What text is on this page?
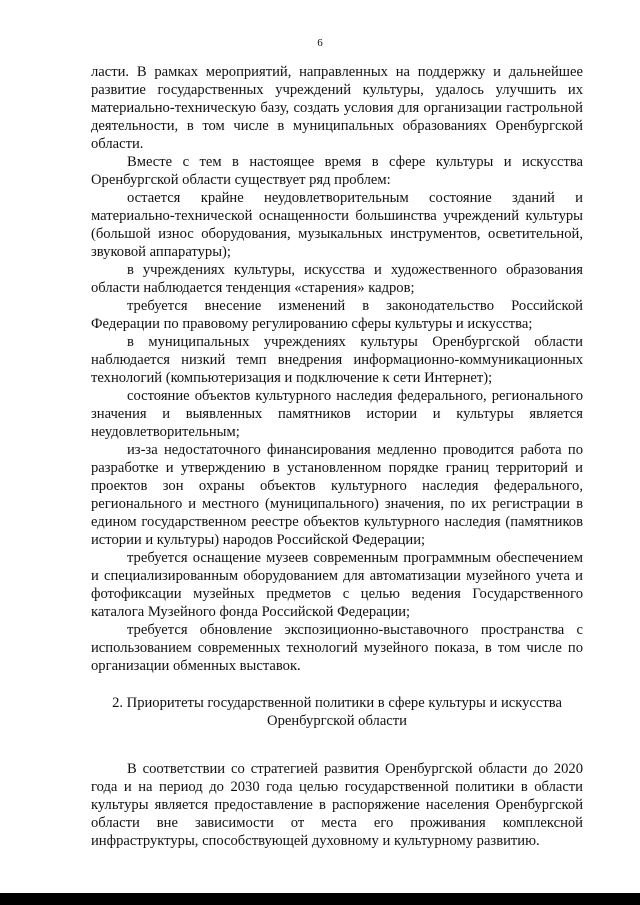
6

ласти. В рамках мероприятий, направленных на поддержку и дальнейшее развитие государственных учреждений культуры, удалось улучшить их материально-техническую базу, создать условия для организации гастрольной деятельности, в том числе в муниципальных образованиях Оренбургской области.

Вместе с тем в настоящее время в сфере культуры и искусства Оренбургской области существует ряд проблем:

остается крайне неудовлетворительным состояние зданий и материально-технической оснащенности большинства учреждений культуры (большой износ оборудования, музыкальных инструментов, осветительной, звуковой аппаратуры);

в учреждениях культуры, искусства и художественного образования области наблюдается тенденция «старения» кадров;

требуется внесение изменений в законодательство Российской Федерации по правовому регулированию сферы культуры и искусства;

в муниципальных учреждениях культуры Оренбургской области наблюдается низкий темп внедрения информационно-коммуникационных технологий (компьютеризация и подключение к сети Интернет);

состояние объектов культурного наследия федерального, регионального значения и выявленных памятников истории и культуры является неудовлетворительным;

из-за недостаточного финансирования медленно проводится работа по разработке и утверждению в установленном порядке границ территорий и проектов зон охраны объектов культурного наследия федерального, регионального и местного (муниципального) значения, по их регистрации в едином государственном реестре объектов культурного наследия (памятников истории и культуры) народов Российской Федерации;

требуется оснащение музеев современным программным обеспечением и специализированным оборудованием для автоматизации музейного учета и фотофиксации музейных предметов с целью ведения Государственного каталога Музейного фонда Российской Федерации;

требуется обновление экспозиционно-выставочного пространства с использованием современных технологий музейного показа, в том числе по организации обменных выставок.

2. Приоритеты государственной политики в сфере культуры и искусства Оренбургской области

В соответствии со стратегией развития Оренбургской области до 2020 года и на период до 2030 года целью государственной политики в области культуры является предоставление в распоряжение населения Оренбургской области вне зависимости от места его проживания комплексной инфраструктуры, способствующей духовному и культурному развитию.
